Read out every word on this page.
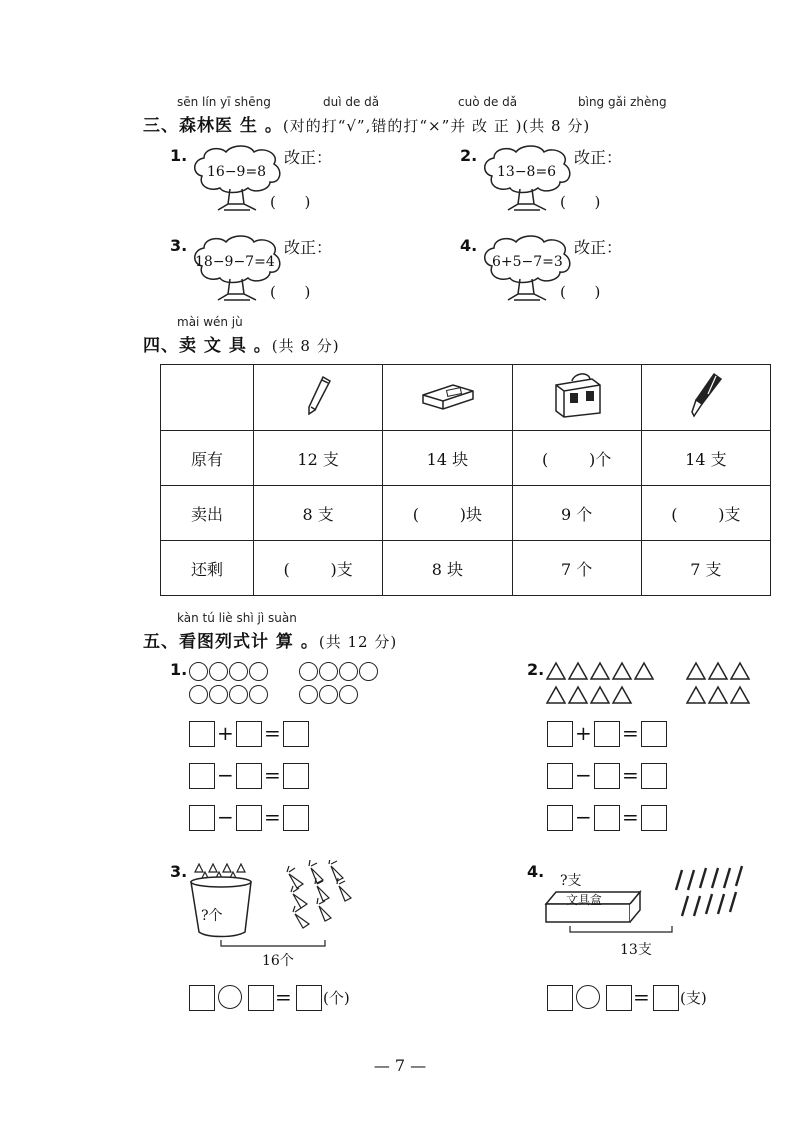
sēn lín yī shēng	duì de dǎ	cuò de dǎ	bìng gǎi zhèng
三、森林医 生 。(对的打“√”,错的打“×”并 改 正 )(共 8 分)
1.
16−9=8
改正：
(      )
2.
13−8=6
改正：
(      )
3.
18−9−7=4
改正：
(      )
4.
6+5−7=3
改正：
(      )
mài wén jù
四、卖 文 具 。(共 8 分)

原有	12 支	14 块	(        )个	14 支
卖出	8 支	(        )块	9 个	(        )支
还剩	(        )支	8 块	7 个	7 支
kàn tú liè shì jì suàn
五、看图列式计 算 。(共 12 分)
1.
+ =
− =
− =
2.
+ =
− =
− =
3.
?个
16个
= (个)
4. ?支
文具盒
13支
= (支)
— 7 —
